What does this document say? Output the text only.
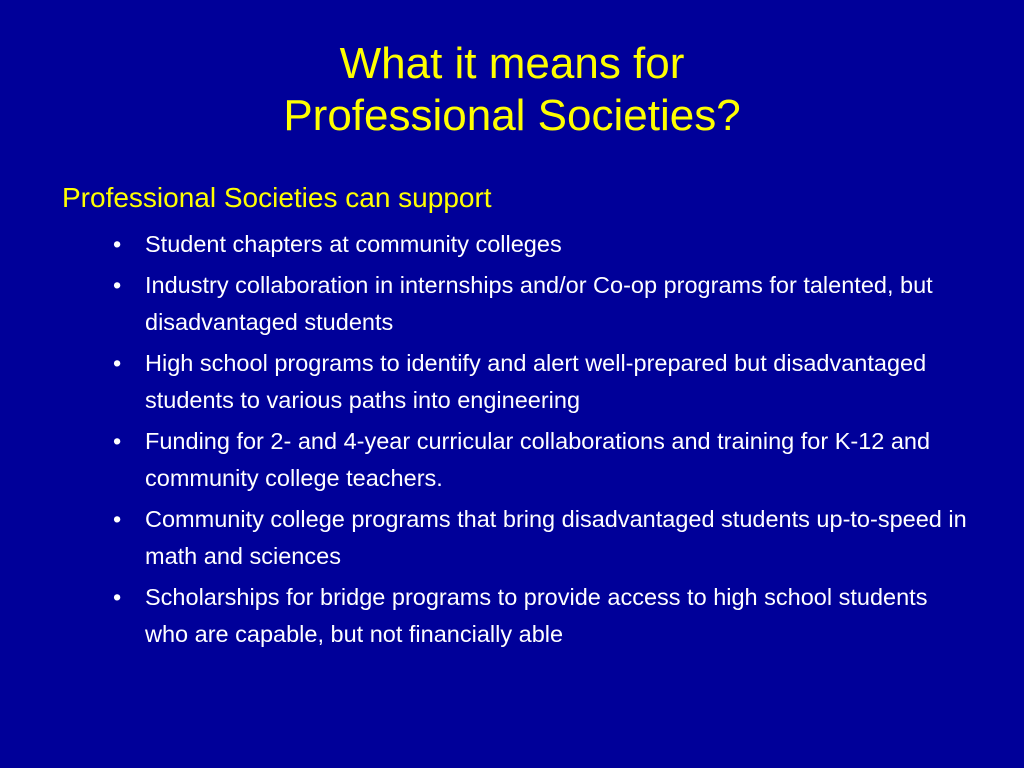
What it means for
Professional Societies?
Professional Societies can support
• Student chapters at community colleges
• Industry collaboration in internships and/or Co-op programs for talented, but disadvantaged students
• High school programs to identify and alert well-prepared but disadvantaged students to various paths into engineering
• Funding for 2- and 4-year curricular collaborations and training for K-12 and community college teachers.
• Community college programs that bring disadvantaged students up-to-speed in math and sciences
• Scholarships for bridge programs to provide access to high school students who are capable, but not financially able
